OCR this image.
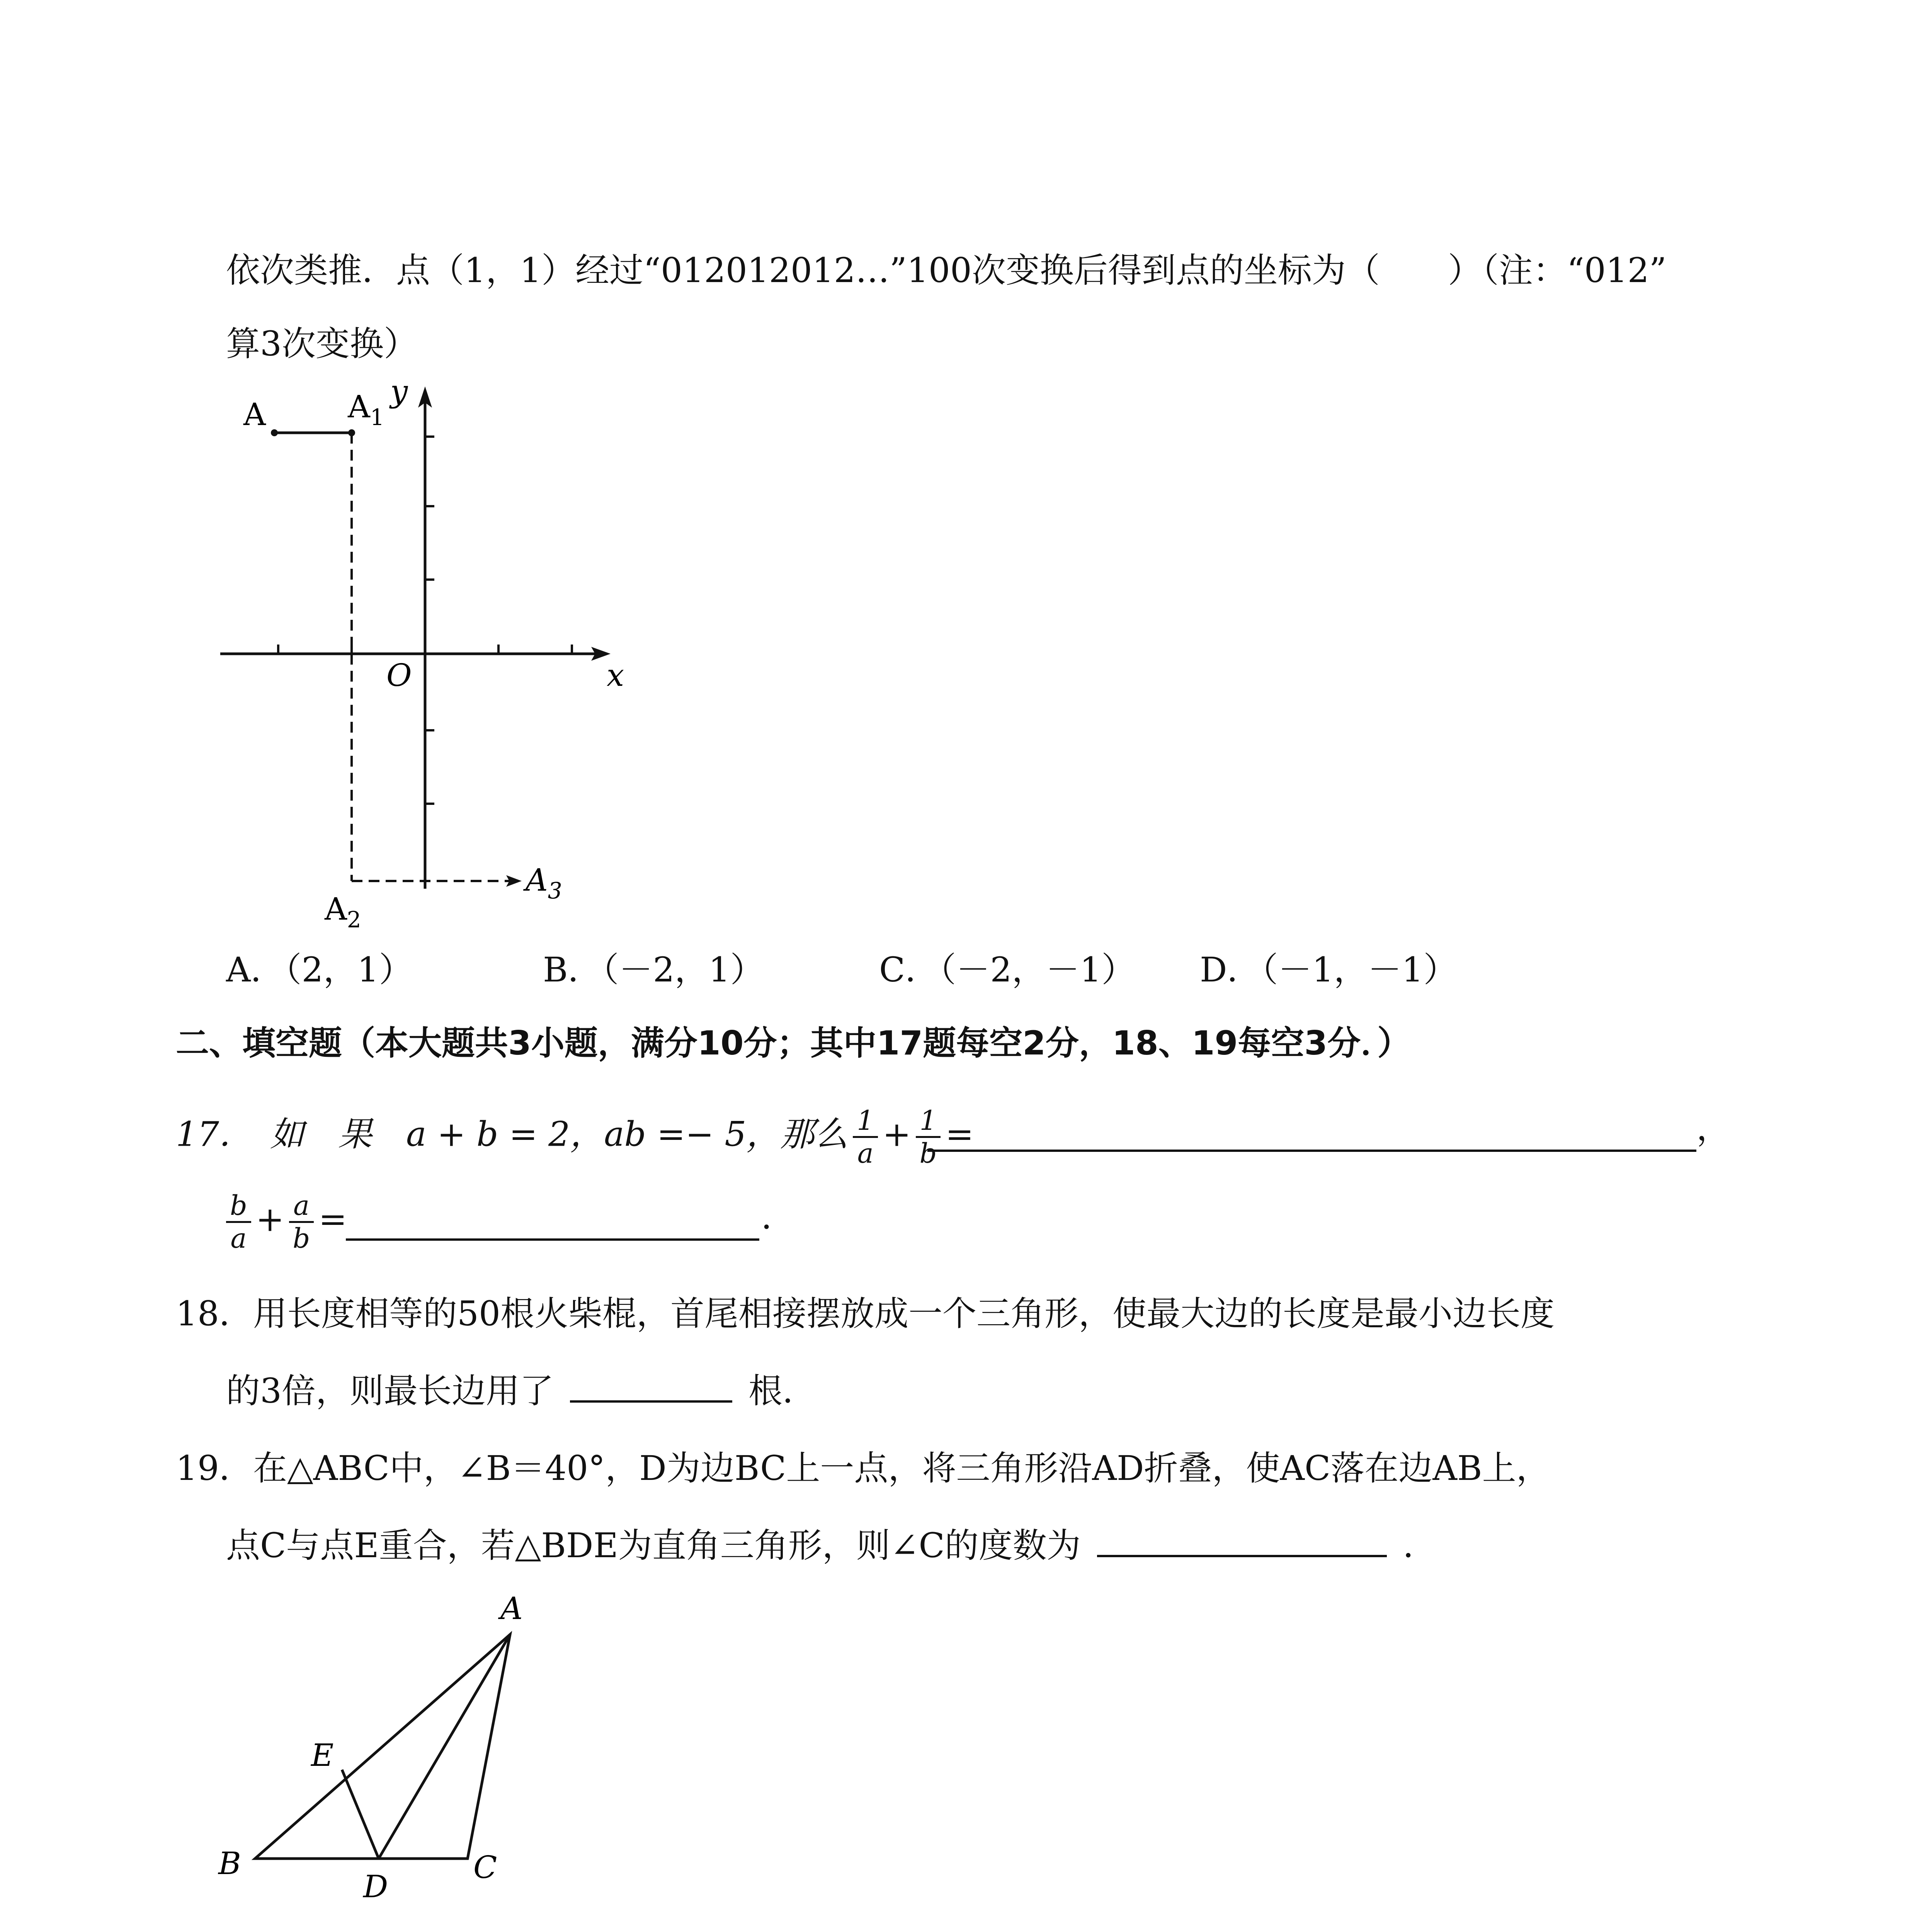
依次类推．点（1，1）经过“012012012…”100次变换后得到点的坐标为（　　）（注：“012”
算3次变换）
A	$A_1$
y
O	x
$A_2$
$A_3$
A．（2，1）	B．（－2，1）	C．（－2，－1） D．（－1，－1）
二、填空题（本大题共3小题，满分10分；其中17题每空2分，18、19每空3分．）
17．　如　果　a + b = 2，ab =− 5，那么 $\frac{1}{a} + \frac{1}{b}$ =	，
$\frac{b}{a} + \frac{a}{b}$ =	．
18．用长度相等的50根火柴棍，首尾相接摆放成一个三角形，使最大边的长度是最小边长度
的3倍，则最长边用了	根．
19．在△ABC中，∠B＝40°，D为边BC上一点，将三角形沿AD折叠，使AC落在边AB上，
点C与点E重合，若△BDE为直角三角形，则∠C的度数为	．
A
B	C
D
E
